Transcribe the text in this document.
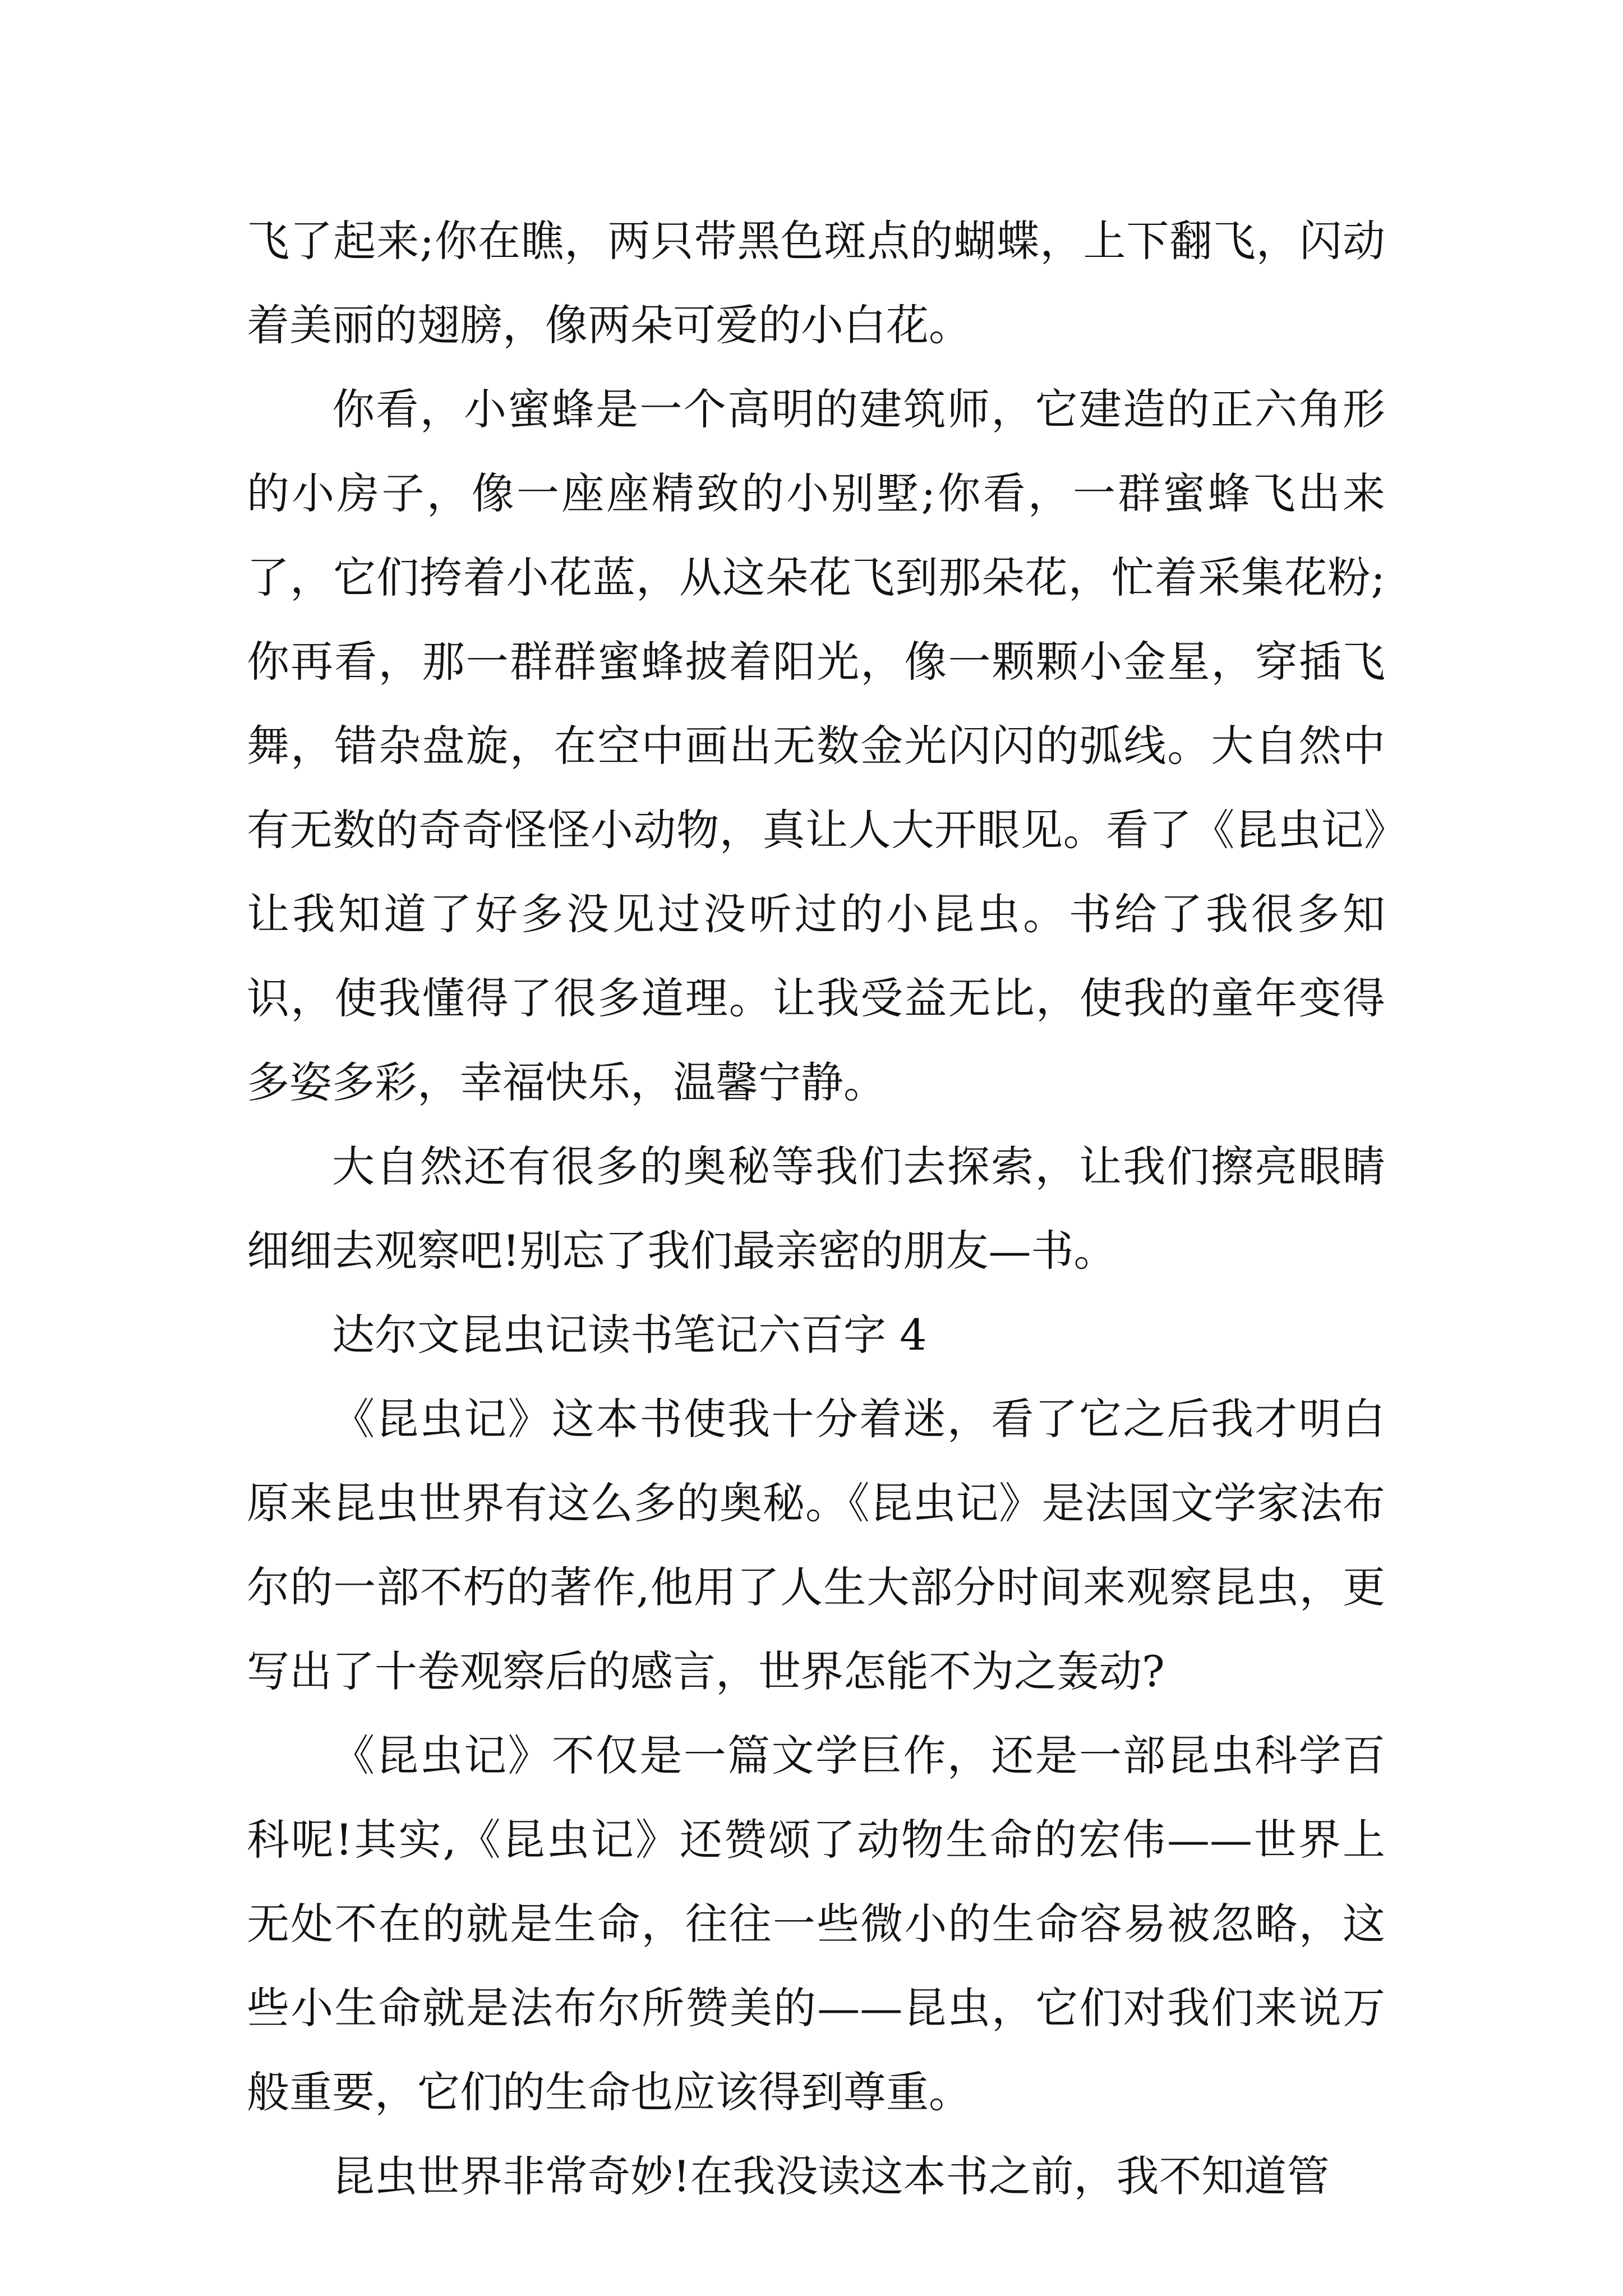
飞了起来;你在瞧，两只带黑色斑点的蝴蝶，上下翻飞，闪动着美丽的翅膀，像两朵可爱的小白花。

你看，小蜜蜂是一个高明的建筑师，它建造的正六角形的小房子，像一座座精致的小别墅;你看，一群蜜蜂飞出来了，它们挎着小花蓝，从这朵花飞到那朵花，忙着采集花粉;你再看，那一群群蜜蜂披着阳光，像一颗颗小金星，穿插飞舞，错杂盘旋，在空中画出无数金光闪闪的弧线。大自然中有无数的奇奇怪怪小动物，真让人大开眼见。看了《昆虫记》让我知道了好多没见过没听过的小昆虫。书给了我很多知识，使我懂得了很多道理。让我受益无比，使我的童年变得多姿多彩，幸福快乐，温馨宁静。

大自然还有很多的奥秘等我们去探索，让我们擦亮眼睛细细去观察吧!别忘了我们最亲密的朋友—书。

达尔文昆虫记读书笔记六百字 4

《昆虫记》这本书使我十分着迷，看了它之后我才明白原来昆虫世界有这么多的奥秘。《昆虫记》是法国文学家法布尔的一部不朽的著作,他用了人生大部分时间来观察昆虫，更写出了十卷观察后的感言，世界怎能不为之轰动?

《昆虫记》不仅是一篇文学巨作，还是一部昆虫科学百科呢!其实,《昆虫记》还赞颂了动物生命的宏伟——世界上无处不在的就是生命，往往一些微小的生命容易被忽略，这些小生命就是法布尔所赞美的——昆虫，它们对我们来说万般重要，它们的生命也应该得到尊重。

昆虫世界非常奇妙!在我没读这本书之前，我不知道管
